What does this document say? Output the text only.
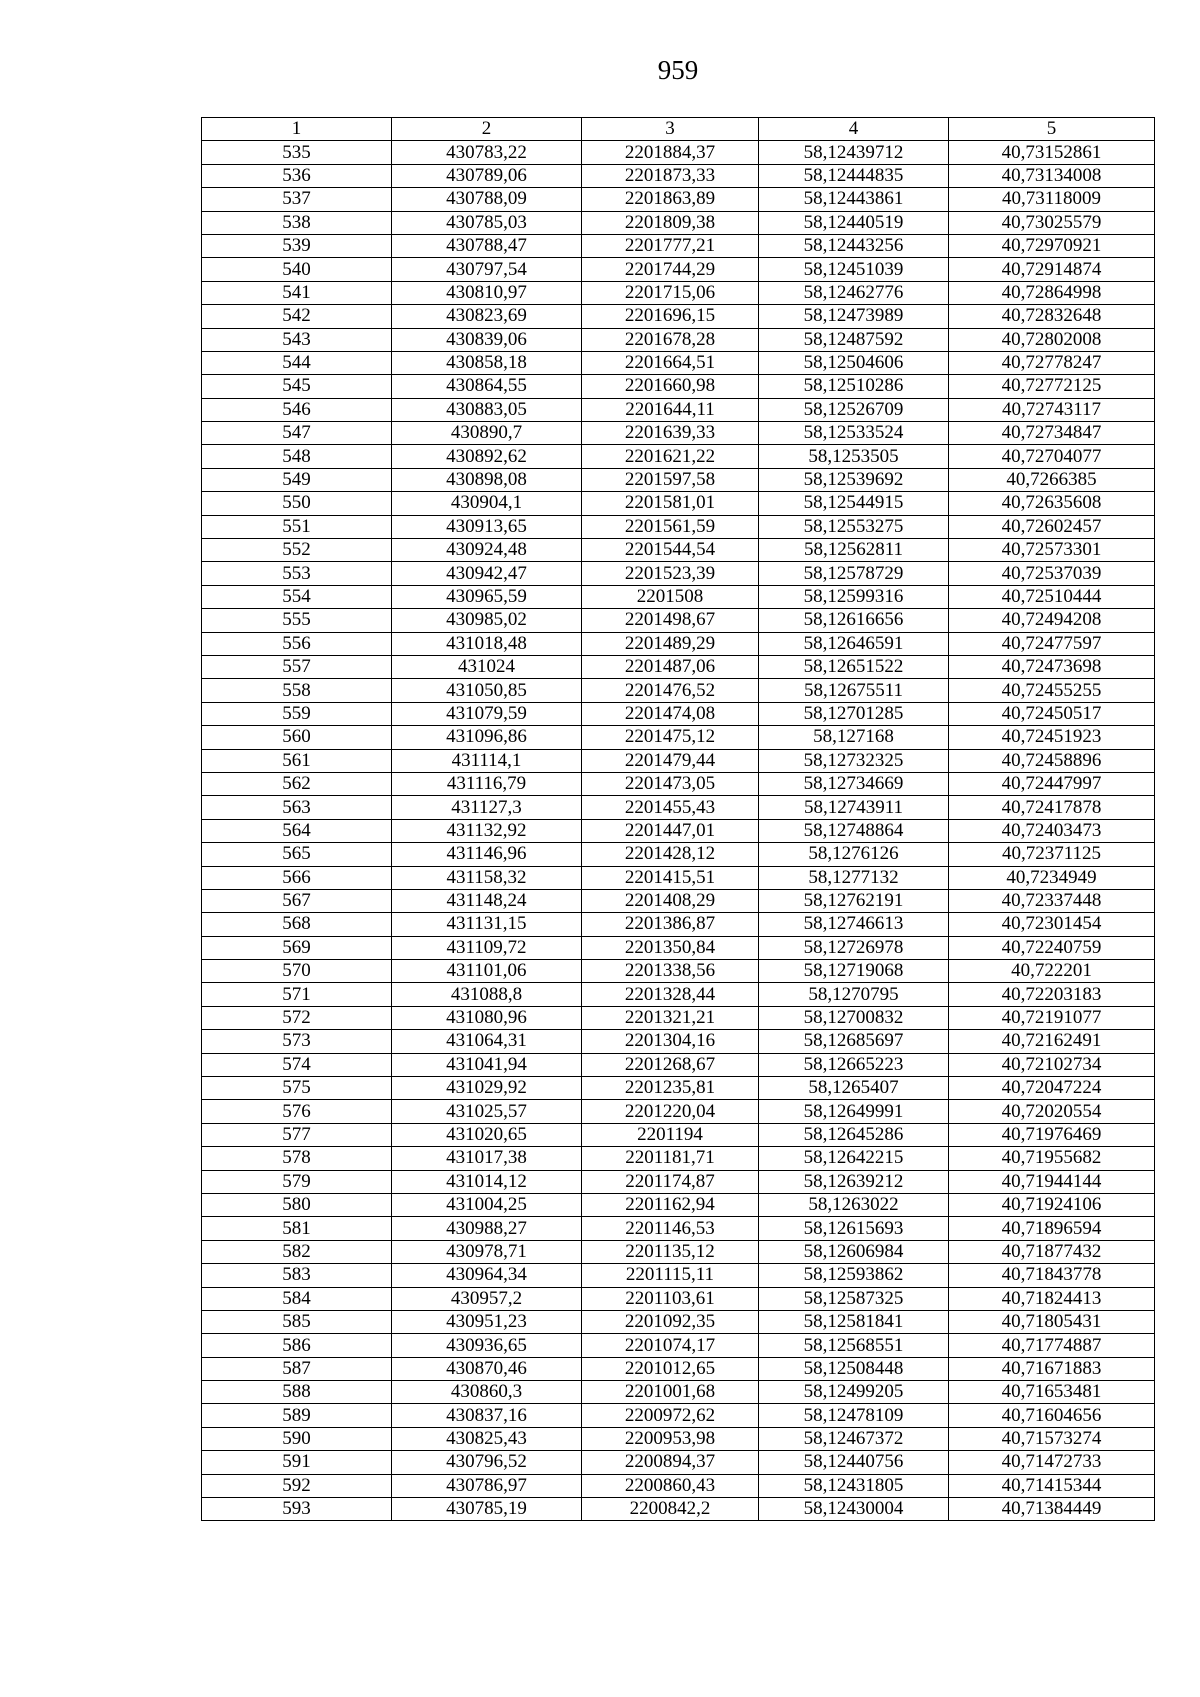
959
1	2	3	4	5
535	430783,22	2201884,37	58,12439712	40,73152861
536	430789,06	2201873,33	58,12444835	40,73134008
537	430788,09	2201863,89	58,12443861	40,73118009
538	430785,03	2201809,38	58,12440519	40,73025579
539	430788,47	2201777,21	58,12443256	40,72970921
540	430797,54	2201744,29	58,12451039	40,72914874
541	430810,97	2201715,06	58,12462776	40,72864998
542	430823,69	2201696,15	58,12473989	40,72832648
543	430839,06	2201678,28	58,12487592	40,72802008
544	430858,18	2201664,51	58,12504606	40,72778247
545	430864,55	2201660,98	58,12510286	40,72772125
546	430883,05	2201644,11	58,12526709	40,72743117
547	430890,7	2201639,33	58,12533524	40,72734847
548	430892,62	2201621,22	58,1253505	40,72704077
549	430898,08	2201597,58	58,12539692	40,7266385
550	430904,1	2201581,01	58,12544915	40,72635608
551	430913,65	2201561,59	58,12553275	40,72602457
552	430924,48	2201544,54	58,12562811	40,72573301
553	430942,47	2201523,39	58,12578729	40,72537039
554	430965,59	2201508	58,12599316	40,72510444
555	430985,02	2201498,67	58,12616656	40,72494208
556	431018,48	2201489,29	58,12646591	40,72477597
557	431024	2201487,06	58,12651522	40,72473698
558	431050,85	2201476,52	58,12675511	40,72455255
559	431079,59	2201474,08	58,12701285	40,72450517
560	431096,86	2201475,12	58,127168	40,72451923
561	431114,1	2201479,44	58,12732325	40,72458896
562	431116,79	2201473,05	58,12734669	40,72447997
563	431127,3	2201455,43	58,12743911	40,72417878
564	431132,92	2201447,01	58,12748864	40,72403473
565	431146,96	2201428,12	58,1276126	40,72371125
566	431158,32	2201415,51	58,1277132	40,7234949
567	431148,24	2201408,29	58,12762191	40,72337448
568	431131,15	2201386,87	58,12746613	40,72301454
569	431109,72	2201350,84	58,12726978	40,72240759
570	431101,06	2201338,56	58,12719068	40,722201
571	431088,8	2201328,44	58,1270795	40,72203183
572	431080,96	2201321,21	58,12700832	40,72191077
573	431064,31	2201304,16	58,12685697	40,72162491
574	431041,94	2201268,67	58,12665223	40,72102734
575	431029,92	2201235,81	58,1265407	40,72047224
576	431025,57	2201220,04	58,12649991	40,72020554
577	431020,65	2201194	58,12645286	40,71976469
578	431017,38	2201181,71	58,12642215	40,71955682
579	431014,12	2201174,87	58,12639212	40,71944144
580	431004,25	2201162,94	58,1263022	40,71924106
581	430988,27	2201146,53	58,12615693	40,71896594
582	430978,71	2201135,12	58,12606984	40,71877432
583	430964,34	2201115,11	58,12593862	40,71843778
584	430957,2	2201103,61	58,12587325	40,71824413
585	430951,23	2201092,35	58,12581841	40,71805431
586	430936,65	2201074,17	58,12568551	40,71774887
587	430870,46	2201012,65	58,12508448	40,71671883
588	430860,3	2201001,68	58,12499205	40,71653481
589	430837,16	2200972,62	58,12478109	40,71604656
590	430825,43	2200953,98	58,12467372	40,71573274
591	430796,52	2200894,37	58,12440756	40,71472733
592	430786,97	2200860,43	58,12431805	40,71415344
593	430785,19	2200842,2	58,12430004	40,71384449
